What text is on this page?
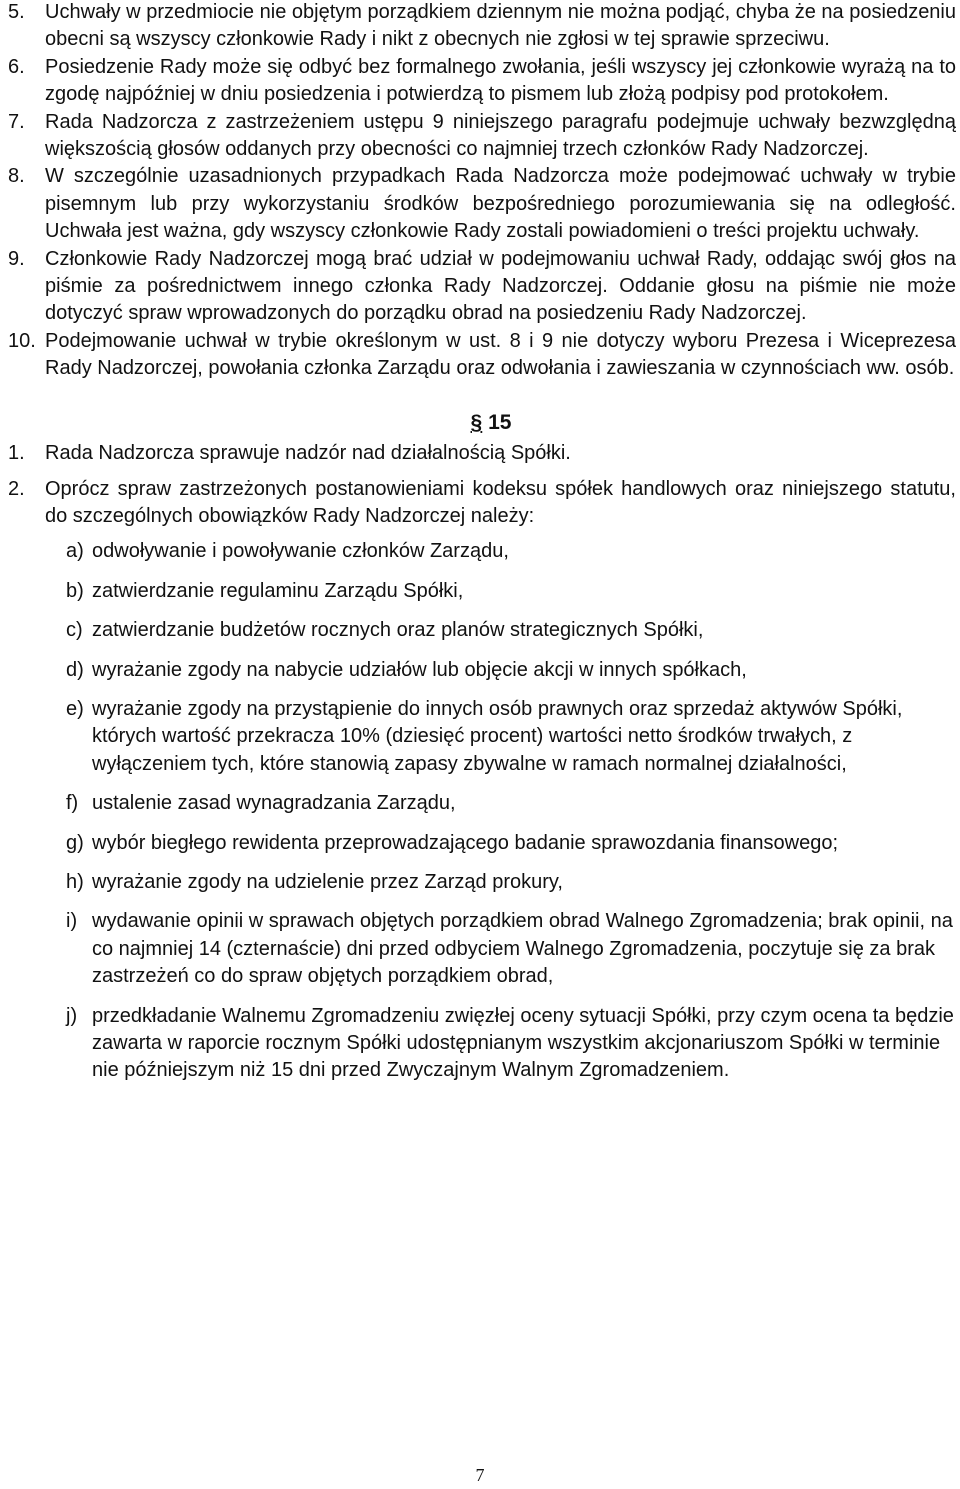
5.	Uchwały w przedmiocie nie objętym porządkiem dziennym nie można podjąć, chyba że na posiedzeniu obecni są wszyscy członkowie Rady i nikt z obecnych nie zgłosi w tej sprawie sprzeciwu.
6.	Posiedzenie Rady może się odbyć bez formalnego zwołania, jeśli wszyscy jej członkowie wyrażą na to zgodę najpóźniej w dniu posiedzenia i potwierdzą to pismem lub złożą podpisy pod protokołem.
7.	Rada Nadzorcza z zastrzeżeniem ustępu 9 niniejszego paragrafu podejmuje uchwały bezwzględną większością głosów oddanych przy obecności co najmniej trzech członków Rady Nadzorczej.
8.	W szczególnie uzasadnionych przypadkach Rada Nadzorcza może podejmować uchwały w trybie pisemnym lub przy wykorzystaniu środków bezpośredniego porozumiewania się na odległość. Uchwała jest ważna, gdy wszyscy członkowie Rady zostali powiadomieni o treści projektu uchwały.
9.	Członkowie Rady Nadzorczej mogą brać udział w podejmowaniu uchwał Rady, oddając swój głos na piśmie za pośrednictwem innego członka Rady Nadzorczej. Oddanie głosu na piśmie nie może dotyczyć spraw wprowadzonych do porządku obrad na posiedzeniu Rady Nadzorczej.
10. Podejmowanie uchwał w trybie określonym w ust. 8 i 9 nie dotyczy wyboru Prezesa i Wiceprezesa Rady Nadzorczej, powołania członka Zarządu oraz odwołania i zawieszania w czynnościach ww. osób.
§ 15
1.	Rada Nadzorcza sprawuje nadzór nad działalnością Spółki.
2.	Oprócz spraw zastrzeżonych postanowieniami kodeksu spółek handlowych oraz niniejszego statutu, do szczególnych obowiązków Rady Nadzorczej należy:
a) odwoływanie i powoływanie członków Zarządu,
b) zatwierdzanie regulaminu Zarządu Spółki,
c) zatwierdzanie budżetów rocznych oraz planów strategicznych Spółki,
d) wyrażanie zgody na nabycie udziałów lub objęcie akcji w innych spółkach,
e) wyrażanie zgody na przystąpienie do innych osób prawnych oraz sprzedaż aktywów Spółki, których wartość przekracza 10% (dziesięć procent) wartości netto środków trwałych, z wyłączeniem tych, które stanowią zapasy zbywalne w ramach normalnej działalności,
f) ustalenie zasad wynagradzania Zarządu,
g) wybór biegłego rewidenta przeprowadzającego badanie sprawozdania finansowego;
h) wyrażanie zgody na udzielenie przez Zarząd prokury,
i) wydawanie opinii w sprawach objętych porządkiem obrad Walnego Zgromadzenia; brak opinii, na co najmniej 14 (czternaście) dni przed odbyciem Walnego Zgromadzenia, poczytuje się za brak zastrzeżeń co do spraw objętych porządkiem obrad,
j) przedkładanie Walnemu Zgromadzeniu zwięzłej oceny sytuacji Spółki, przy czym ocena ta będzie zawarta w raporcie rocznym Spółki udostępnianym wszystkim akcjonariuszom Spółki w terminie nie późniejszym niż 15 dni przed Zwyczajnym Walnym Zgromadzeniem.
7
